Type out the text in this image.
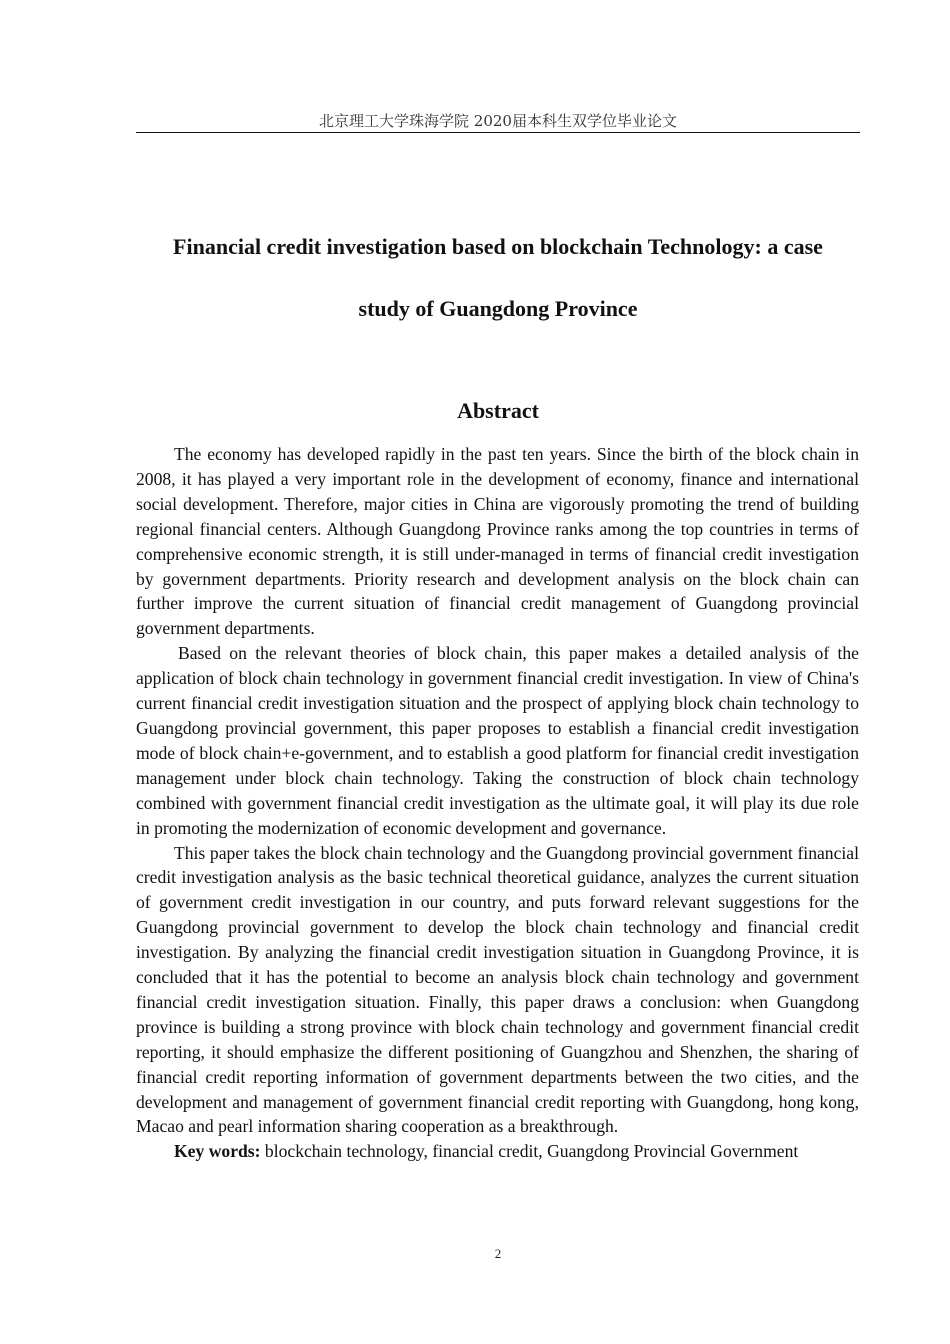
北京理工大学珠海学院 2020届本科生双学位毕业论文
Financial credit investigation based on blockchain Technology: a case
study of Guangdong Province
Abstract

The economy has developed rapidly in the past ten years. Since the birth of the block chain in 2008, it has played a very important role in the development of economy, finance and international social development. Therefore, major cities in China are vigorously promoting the trend of building regional financial centers. Although Guangdong Province ranks among the top countries in terms of comprehensive economic strength, it is still under-managed in terms of financial credit investigation by government departments. Priority research and development analysis on the block chain can further improve the current situation of financial credit management of Guangdong provincial government departments.

Based on the relevant theories of block chain, this paper makes a detailed analysis of the application of block chain technology in government financial credit investigation. In view of China's current financial credit investigation situation and the prospect of applying block chain technology to Guangdong provincial government, this paper proposes to establish a financial credit investigation mode of block chain+e-government, and to establish a good platform for financial credit investigation management under block chain technology. Taking the construction of block chain technology combined with government financial credit investigation as the ultimate goal, it will play its due role in promoting the modernization of economic development and governance.

This paper takes the block chain technology and the Guangdong provincial government financial credit investigation analysis as the basic technical theoretical guidance, analyzes the current situation of government credit investigation in our country, and puts forward relevant suggestions for the Guangdong provincial government to develop the block chain technology and financial credit investigation. By analyzing the financial credit investigation situation in Guangdong Province, it is concluded that it has the potential to become an analysis block chain technology and government financial credit investigation situation. Finally, this paper draws a conclusion: when Guangdong province is building a strong province with block chain technology and government financial credit reporting, it should emphasize the different positioning of Guangzhou and Shenzhen, the sharing of financial credit reporting information of government departments between the two cities, and the development and management of government financial credit reporting with Guangdong, hong kong, Macao and pearl information sharing cooperation as a breakthrough.

Key words: blockchain technology, financial credit, Guangdong Provincial Government

2
